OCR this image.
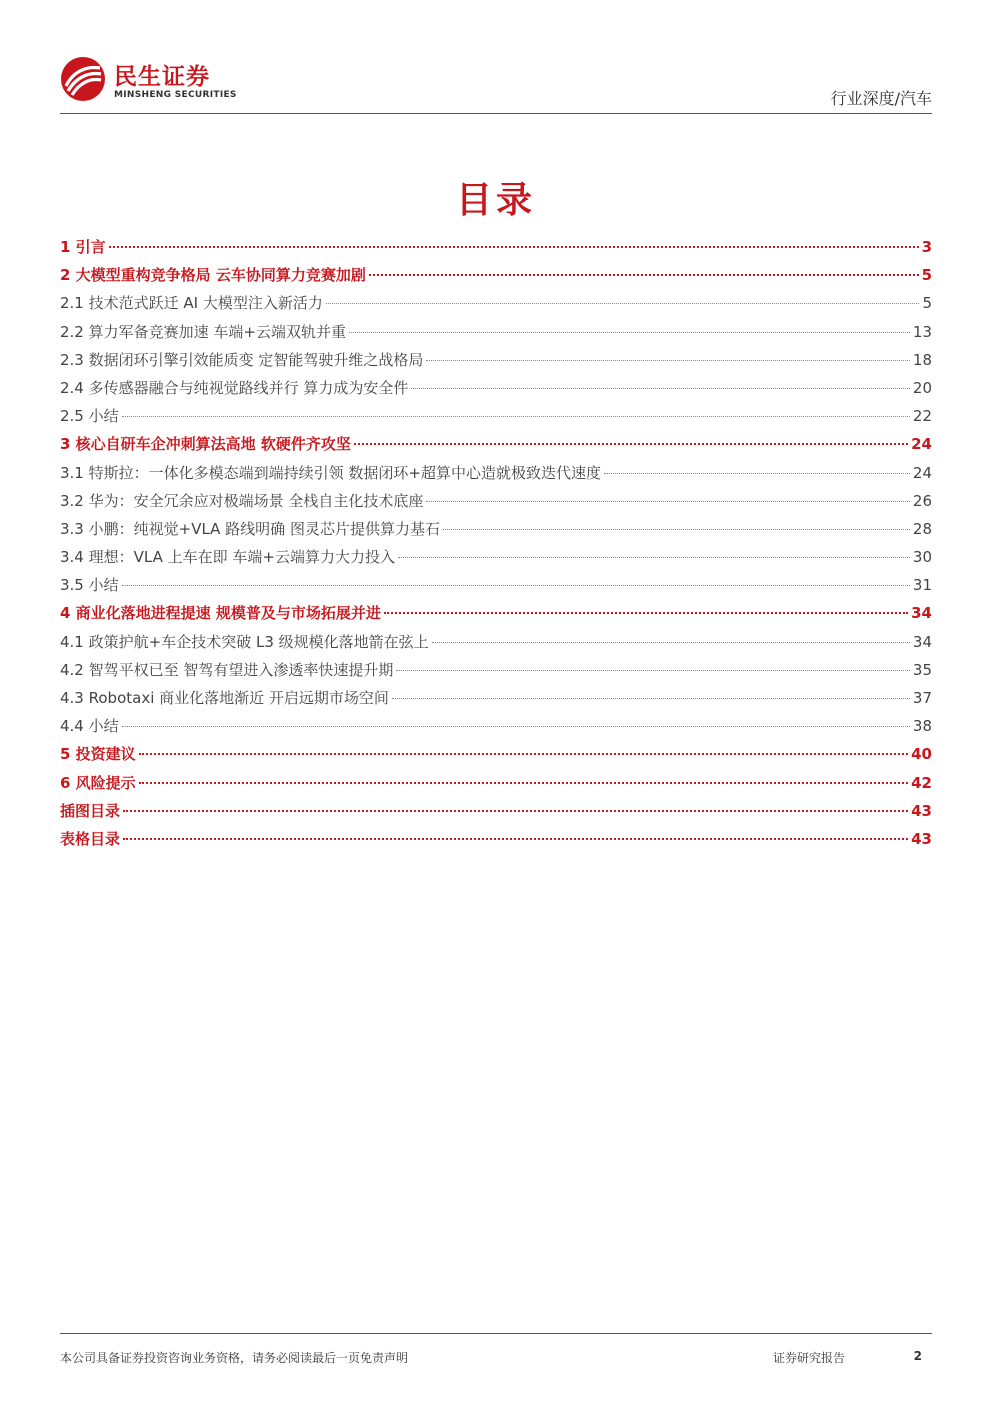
民生证券
MINSHENG SECURITIES	行业深度/汽车
目录
1 引言	3
2 大模型重构竞争格局 云车协同算力竞赛加剧	5
2.1 技术范式跃迁 AI 大模型注入新活力	5
2.2 算力军备竞赛加速 车端+云端双轨并重	13
2.3 数据闭环引擎引效能质变 定智能驾驶升维之战格局	18
2.4 多传感器融合与纯视觉路线并行 算力成为安全件	20
2.5 小结	22
3 核心自研车企冲刺算法高地 软硬件齐攻坚	24
3.1 特斯拉：一体化多模态端到端持续引领 数据闭环+超算中心造就极致迭代速度	24
3.2 华为：安全冗余应对极端场景 全栈自主化技术底座	26
3.3 小鹏：纯视觉+VLA 路线明确 图灵芯片提供算力基石	28
3.4 理想：VLA 上车在即 车端+云端算力大力投入	30
3.5 小结	31
4 商业化落地进程提速 规模普及与市场拓展并进	34
4.1 政策护航+车企技术突破 L3 级规模化落地箭在弦上	34
4.2 智驾平权已至 智驾有望进入渗透率快速提升期	35
4.3 Robotaxi 商业化落地渐近 开启远期市场空间	37
4.4 小结	38
5 投资建议	40
6 风险提示	42
插图目录	43
表格目录	43
本公司具备证券投资咨询业务资格，请务必阅读最后一页免责声明	证券研究报告	2
